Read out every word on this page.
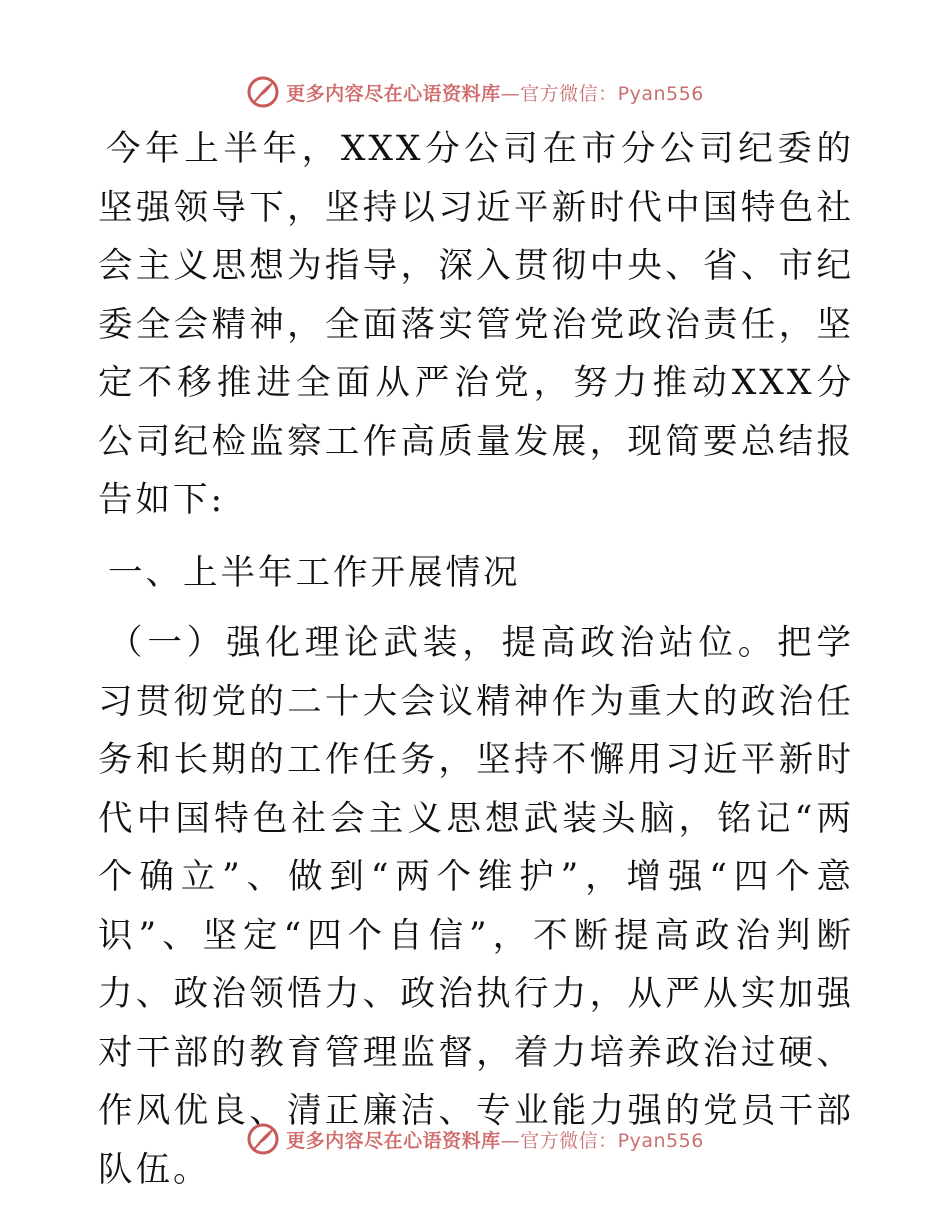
更多内容尽在心语资料库—官方微信：Pyan556

今年上半年，XXX分公司在市分公司纪委的坚强领导下，坚持以习近平新时代中国特色社会主义思想为指导，深入贯彻中央、省、市纪委全会精神，全面落实管党治党政治责任，坚定不移推进全面从严治党，努力推动XXX分公司纪检监察工作高质量发展，现简要总结报告如下:

一、上半年工作开展情况

（一）强化理论武装，提高政治站位。把学习贯彻党的二十大会议精神作为重大的政治任务和长期的工作任务，坚持不懈用习近平新时代中国特色社会主义思想武装头脑，铭记“两个确立”、做到“两个维护”，增强“四个意识”、坚定“四个自信”，不断提高政治判断力、政治领悟力、政治执行力，从严从实加强对干部的教育管理监督，着力培养政治过硬、作风优良、清正廉洁、专业能力强的党员干部队伍。

更多内容尽在心语资料库—官方微信：Pyan556
